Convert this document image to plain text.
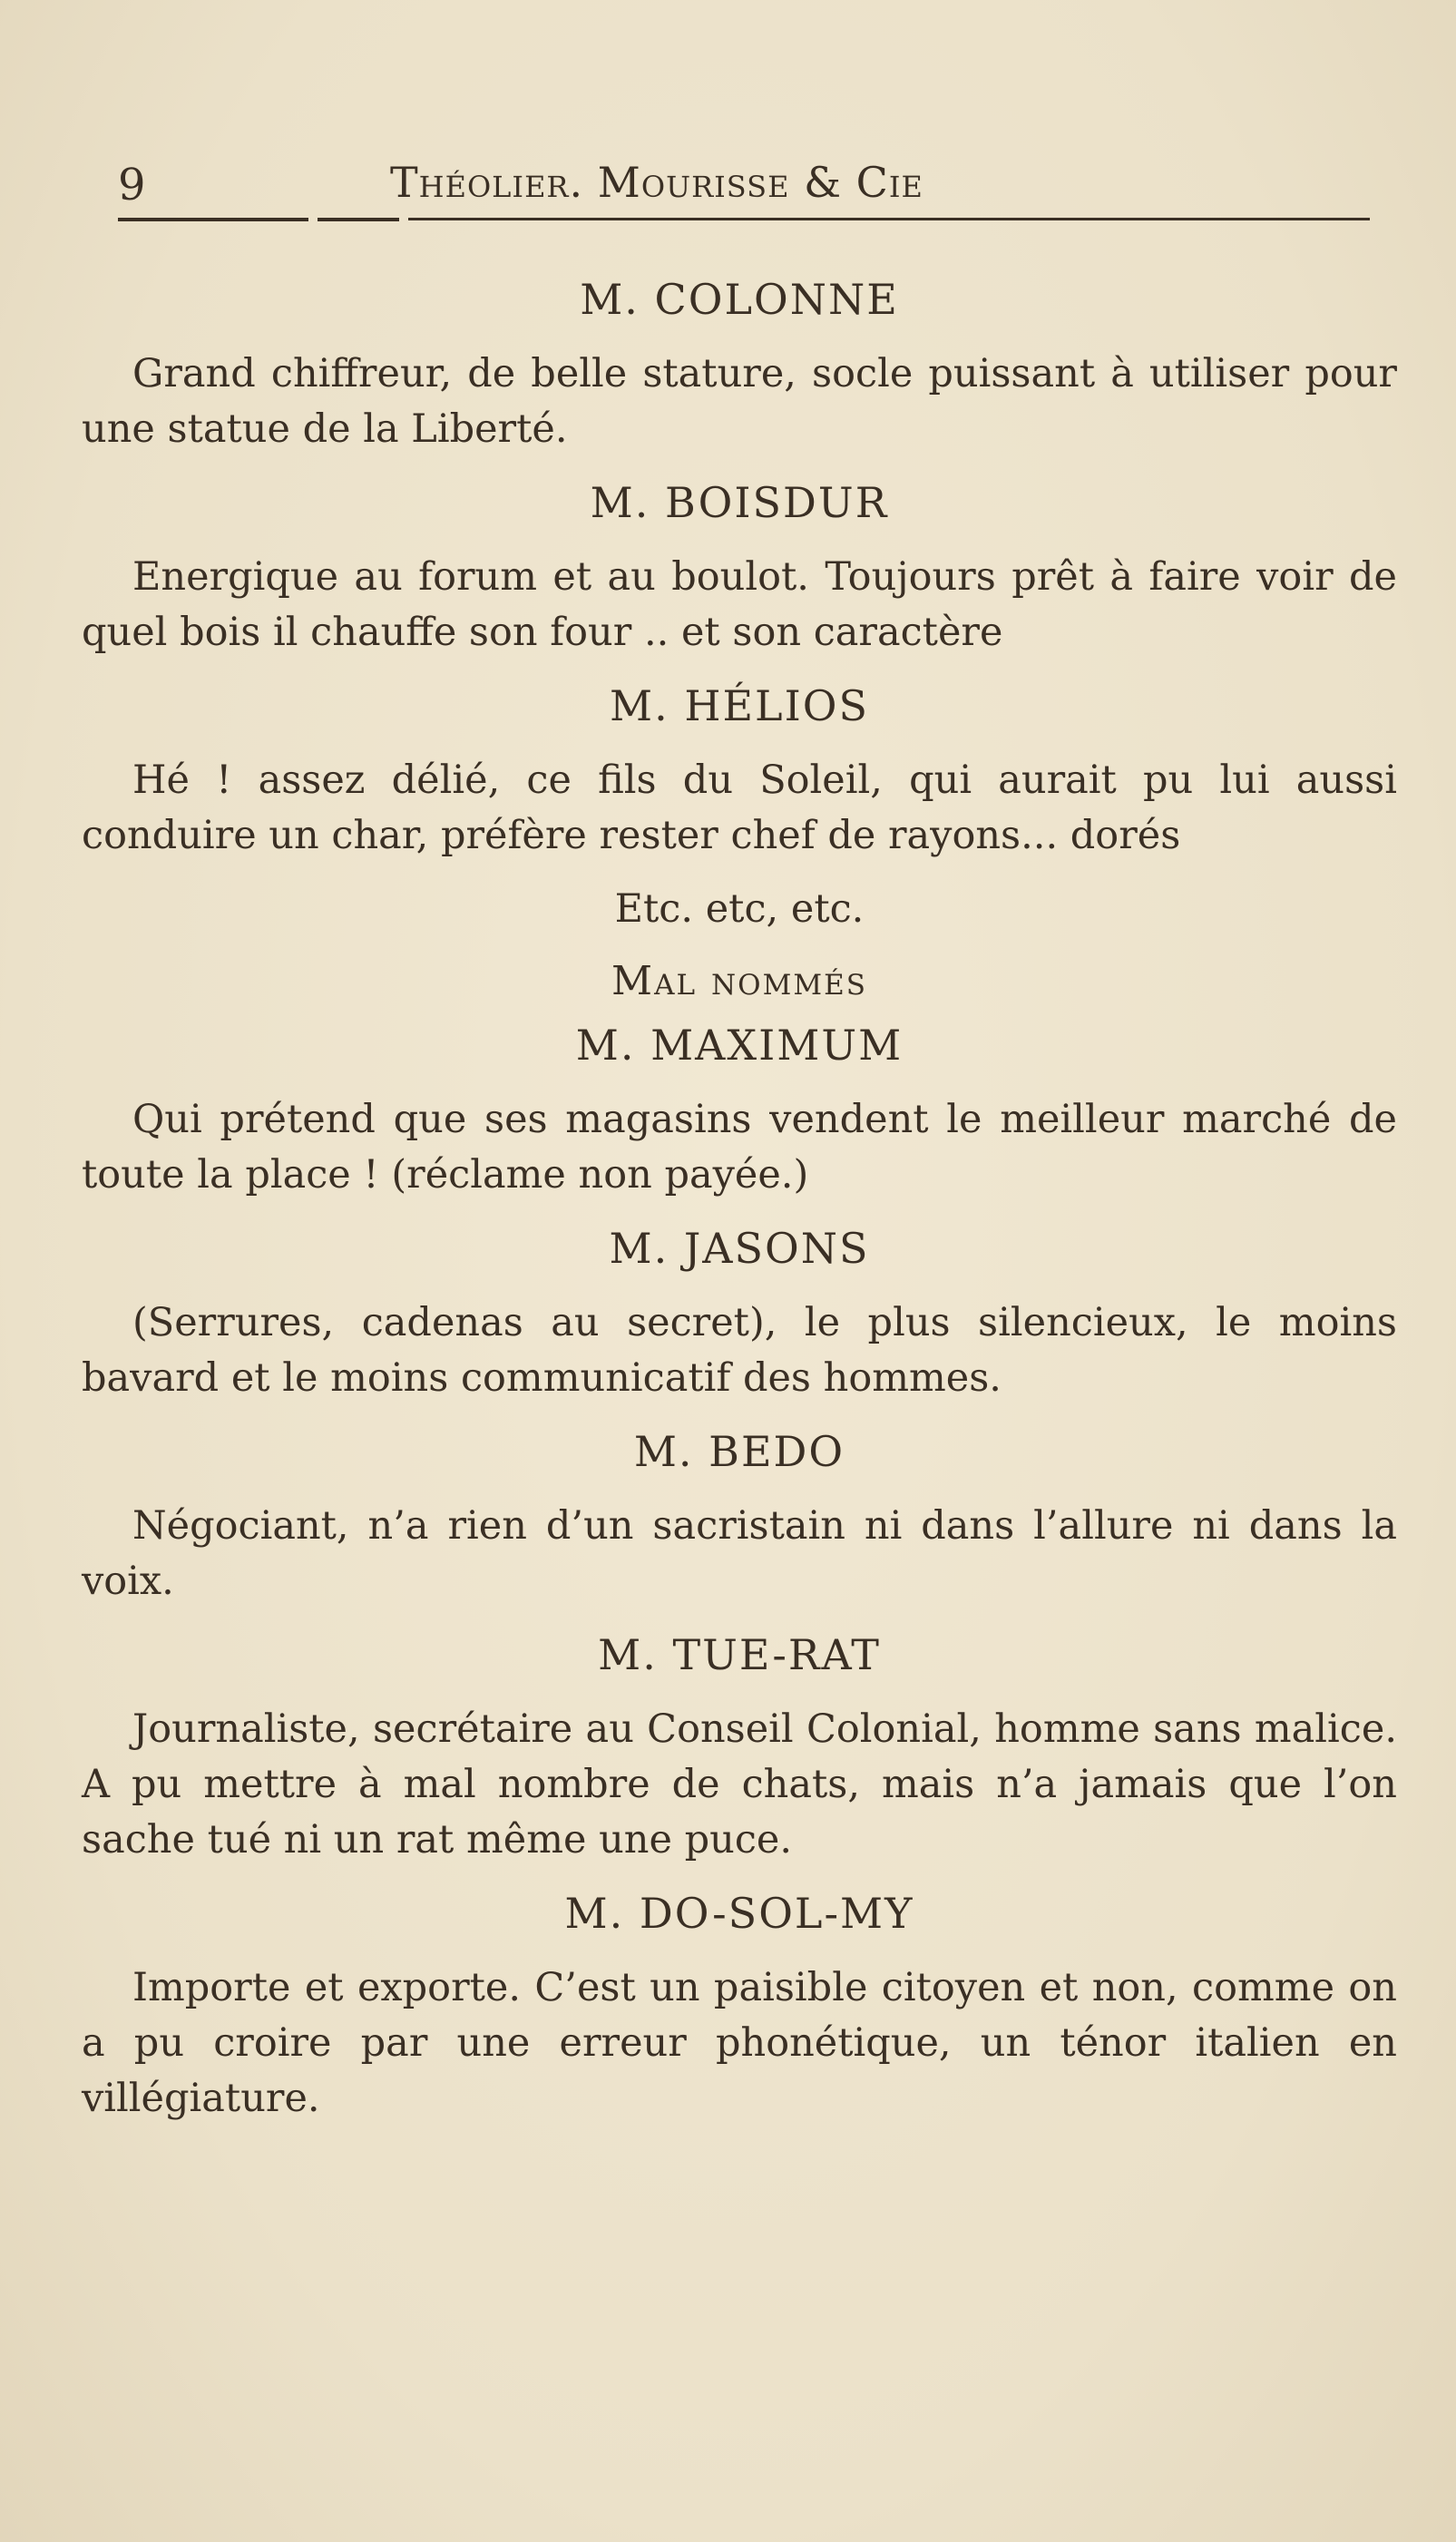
9	Théolier. Mourisse & Cie

M. COLONNE

Grand chiffreur, de belle stature, socle puissant à utiliser pour une statue de la Liberté.

M. BOISDUR

Energique au forum et au boulot. Toujours prêt à faire voir de quel bois il chauffe son four .. et son caractère

M. HÉLIOS

Hé ! assez délié, ce fils du Soleil, qui aurait pu lui aussi conduire un char, préfère rester chef de rayons... dorés

Etc. etc, etc.

Mal nommés

M. MAXIMUM

Qui prétend que ses magasins vendent le meilleur marché de toute la place ! (réclame non payée.)

M. JASONS

(Serrures, cadenas au secret), le plus silencieux, le moins bavard et le moins communicatif des hommes.

M. BEDO

Négociant, n’a rien d’un sacristain ni dans l’allure ni dans la voix.

M. TUE-RAT

Journaliste, secrétaire au Conseil Colonial, homme sans malice. A pu mettre à mal nombre de chats, mais n’a jamais que l’on sache tué ni un rat même une puce.

M. DO-SOL-MY

Importe et exporte. C’est un paisible citoyen et non, comme on a pu croire par une erreur phonétique, un ténor italien en villégiature.
